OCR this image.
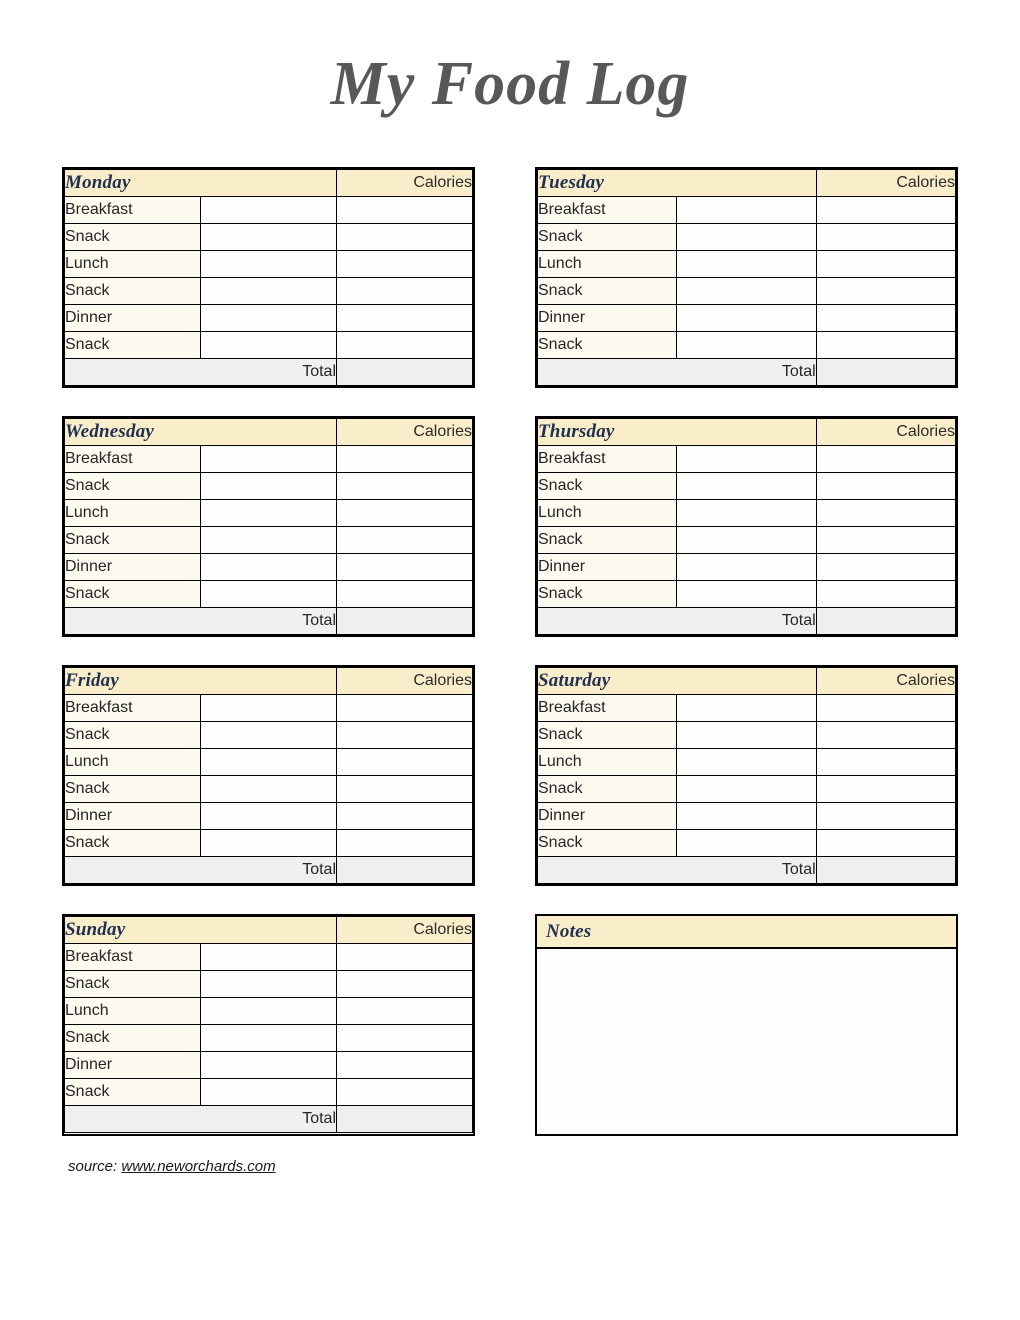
My Food Log
Monday		Calories
Breakfast		
Snack		
Lunch		
Snack		
Dinner		
Snack		
Total		
Tuesday		Calories
Breakfast		
Snack		
Lunch		
Snack		
Dinner		
Snack		
Total		
Wednesday		Calories
Breakfast		
Snack		
Lunch		
Snack		
Dinner		
Snack		
Total		
Thursday		Calories
Breakfast		
Snack		
Lunch		
Snack		
Dinner		
Snack		
Total		
Friday		Calories
Breakfast		
Snack		
Lunch		
Snack		
Dinner		
Snack		
Total		
Saturday		Calories
Breakfast		
Snack		
Lunch		
Snack		
Dinner		
Snack		
Total		
Sunday		Calories
Breakfast		
Snack		
Lunch		
Snack		
Dinner		
Snack		
Total		
Notes
source: www.neworchards.com
